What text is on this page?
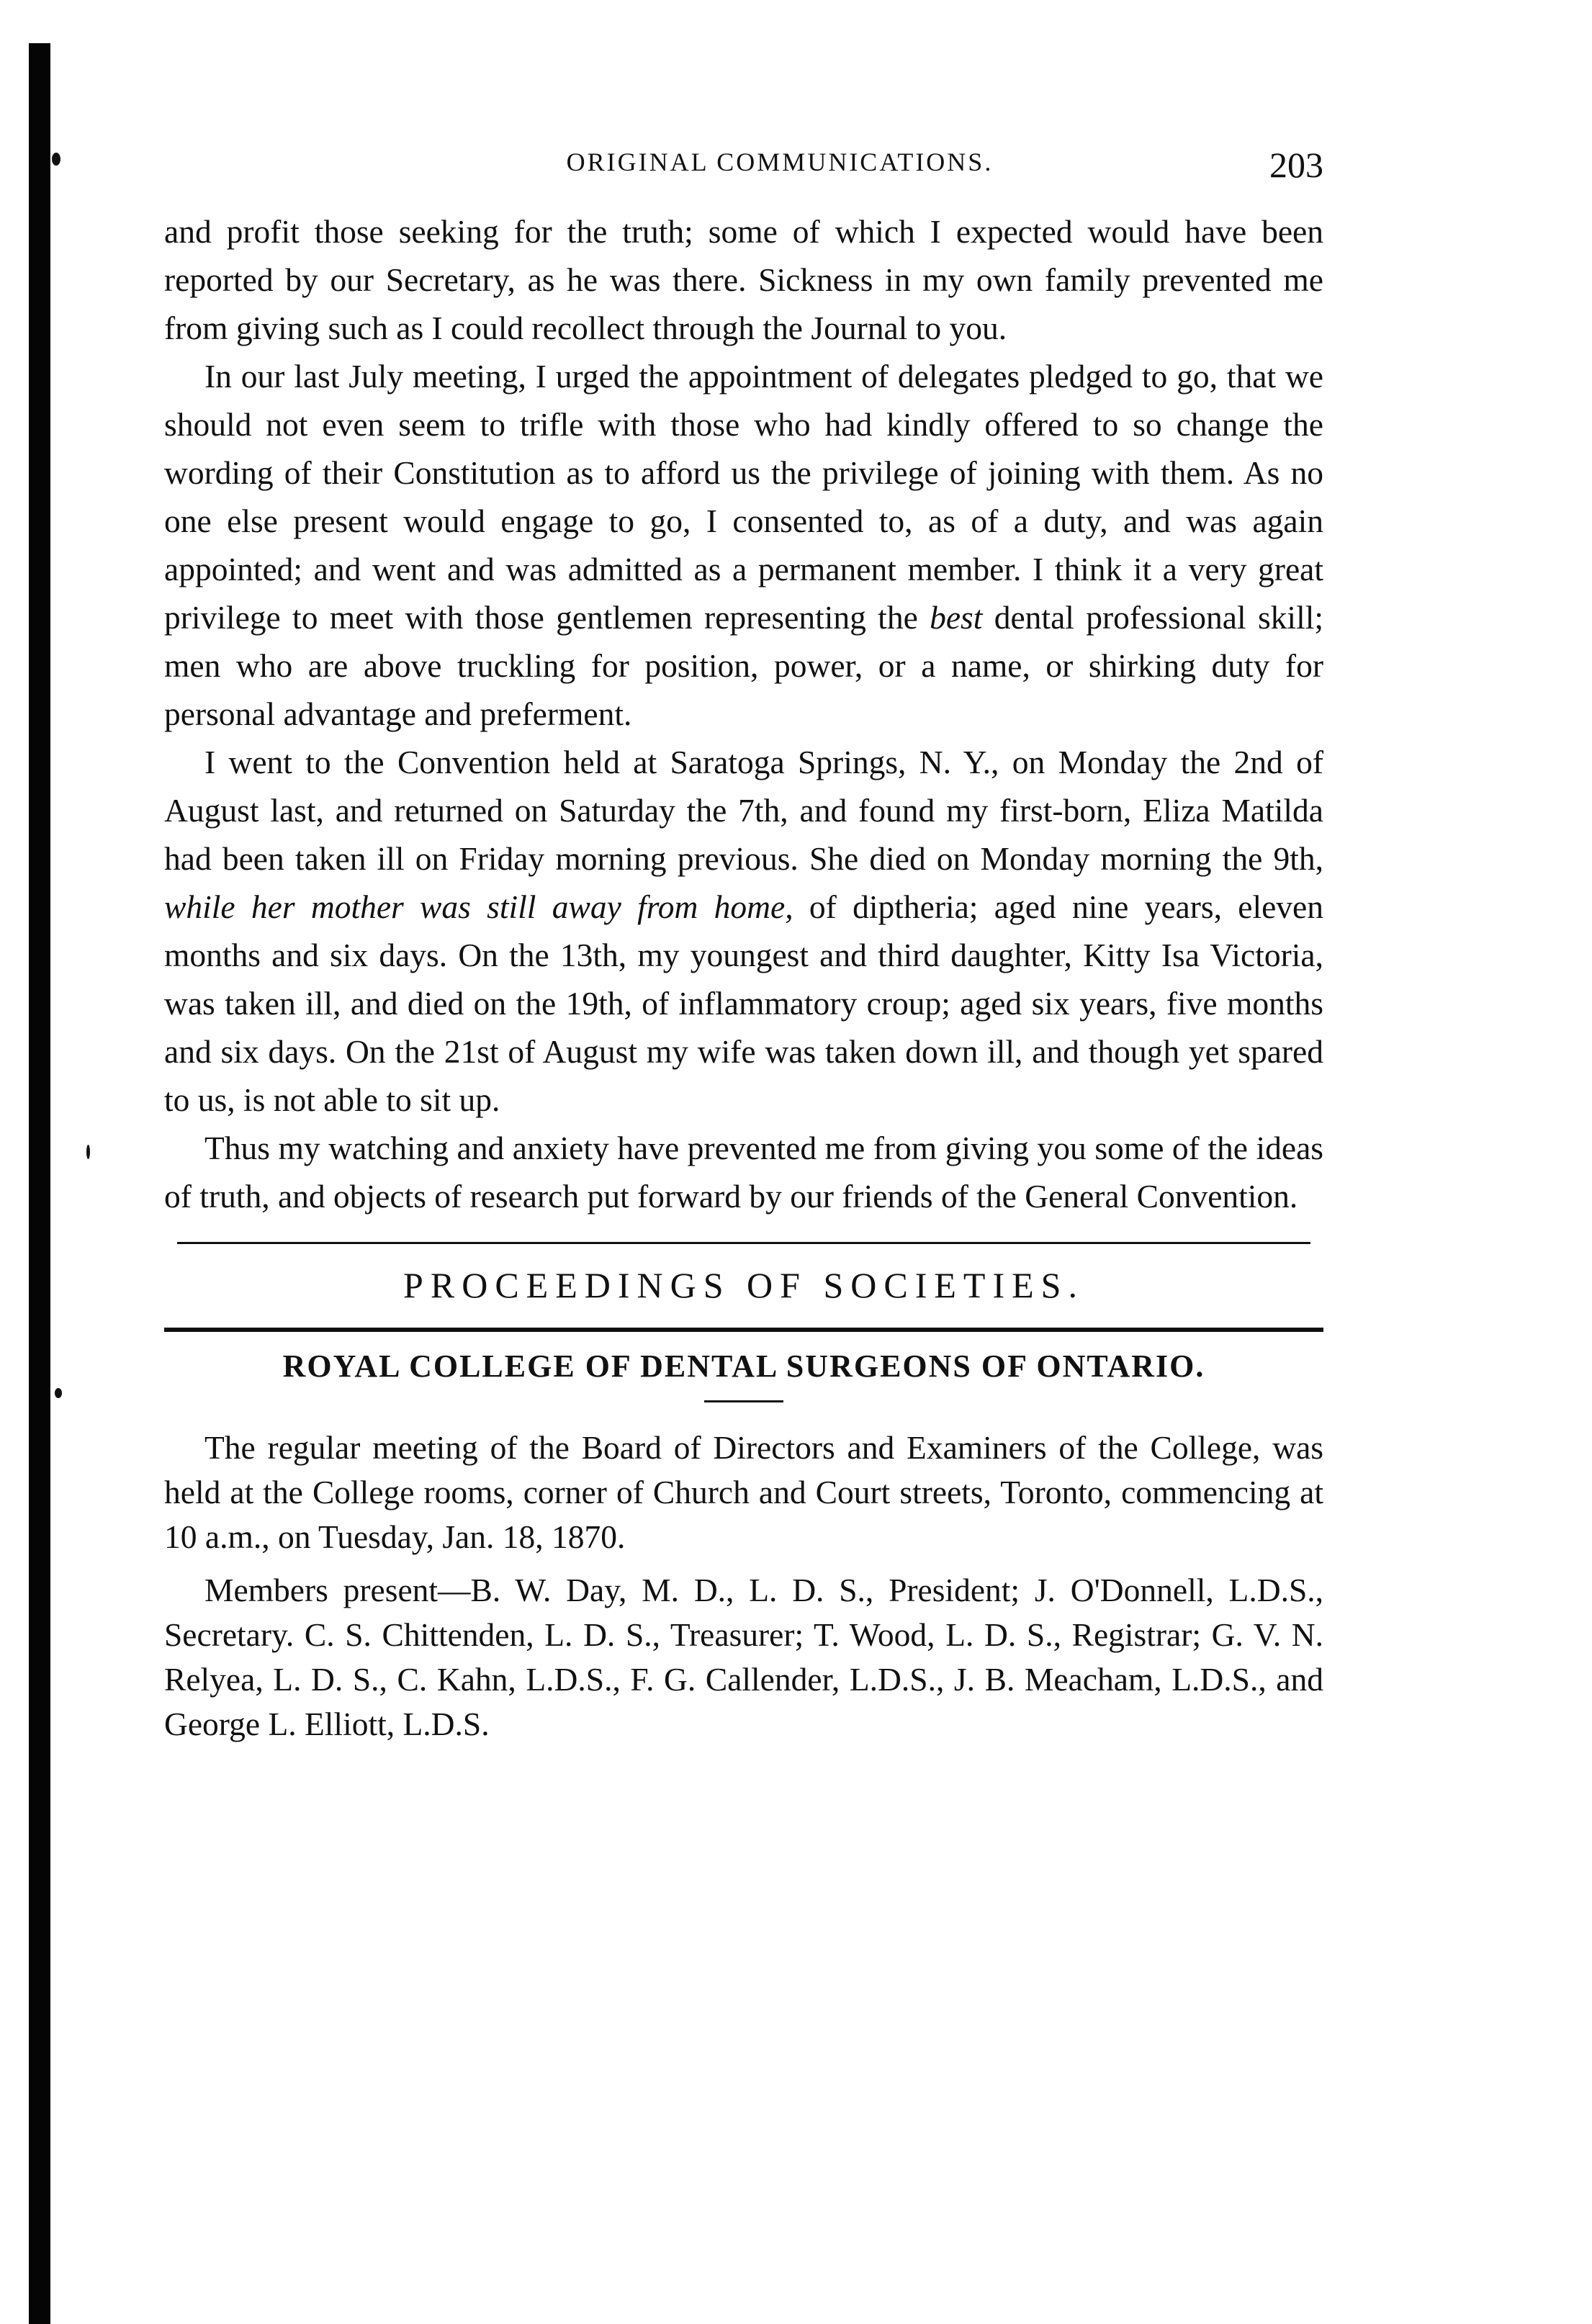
ORIGINAL COMMUNICATIONS.	203

and profit those seeking for the truth; some of which I expected would have been reported by our Secretary, as he was there. Sickness in my own family prevented me from giving such as I could recollect through the Journal to you.

In our last July meeting, I urged the appointment of delegates pledged to go, that we should not even seem to trifle with those who had kindly offered to so change the wording of their Constitution as to afford us the privilege of joining with them. As no one else present would engage to go, I consented to, as of a duty, and was again appointed; and went and was admitted as a permanent member. I think it a very great privilege to meet with those gentlemen representing the best dental professional skill; men who are above truckling for position, power, or a name, or shirking duty for personal advantage and preferment.

I went to the Convention held at Saratoga Springs, N. Y., on Monday the 2nd of August last, and returned on Saturday the 7th, and found my first-born, Eliza Matilda had been taken ill on Friday morning previous. She died on Monday morning the 9th, while her mother was still away from home, of diptheria; aged nine years, eleven months and six days. On the 13th, my youngest and third daughter, Kitty Isa Victoria, was taken ill, and died on the 19th, of inflammatory croup; aged six years, five months and six days. On the 21st of August my wife was taken down ill, and though yet spared to us, is not able to sit up.

Thus my watching and anxiety have prevented me from giving you some of the ideas of truth, and objects of research put forward by our friends of the General Convention.

PROCEEDINGS OF SOCIETIES.
ROYAL COLLEGE OF DENTAL SURGEONS OF ONTARIO.

The regular meeting of the Board of Directors and Examiners of the College, was held at the College rooms, corner of Church and Court streets, Toronto, commencing at 10 a.m., on Tuesday, Jan. 18, 1870.

Members present—B. W. Day, M. D., L. D. S., President; J. O'Donnell, L.D.S., Secretary. C. S. Chittenden, L. D. S., Treasurer; T. Wood, L. D. S., Registrar; G. V. N. Relyea, L. D. S., C. Kahn, L.D.S., F. G. Callender, L.D.S., J. B. Meacham, L.D.S., and George L. Elliott, L.D.S.
